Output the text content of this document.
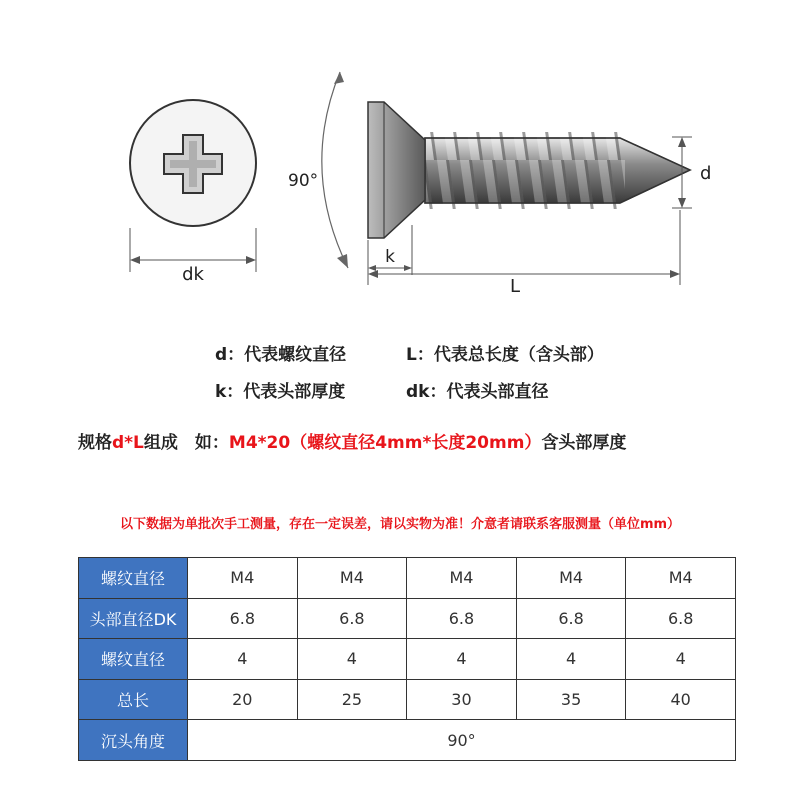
dk
90°	d
k
L
d：代表螺纹直径	L：代表总长度（含头部）
k：代表头部厚度	dk：代表头部直径
规格d*L组成　如：M4*20（螺纹直径4mm*长度20mm）含头部厚度
以下数据为单批次手工测量，存在一定误差，请以实物为准！介意者请联系客服测量（单位mm）
螺纹直径	M4	M4	M4	M4	M4
头部直径DK	6.8	6.8	6.8	6.8	6.8
螺纹直径	4	4	4	4	4
总长	20	25	30	35	40
沉头角度	90°				
